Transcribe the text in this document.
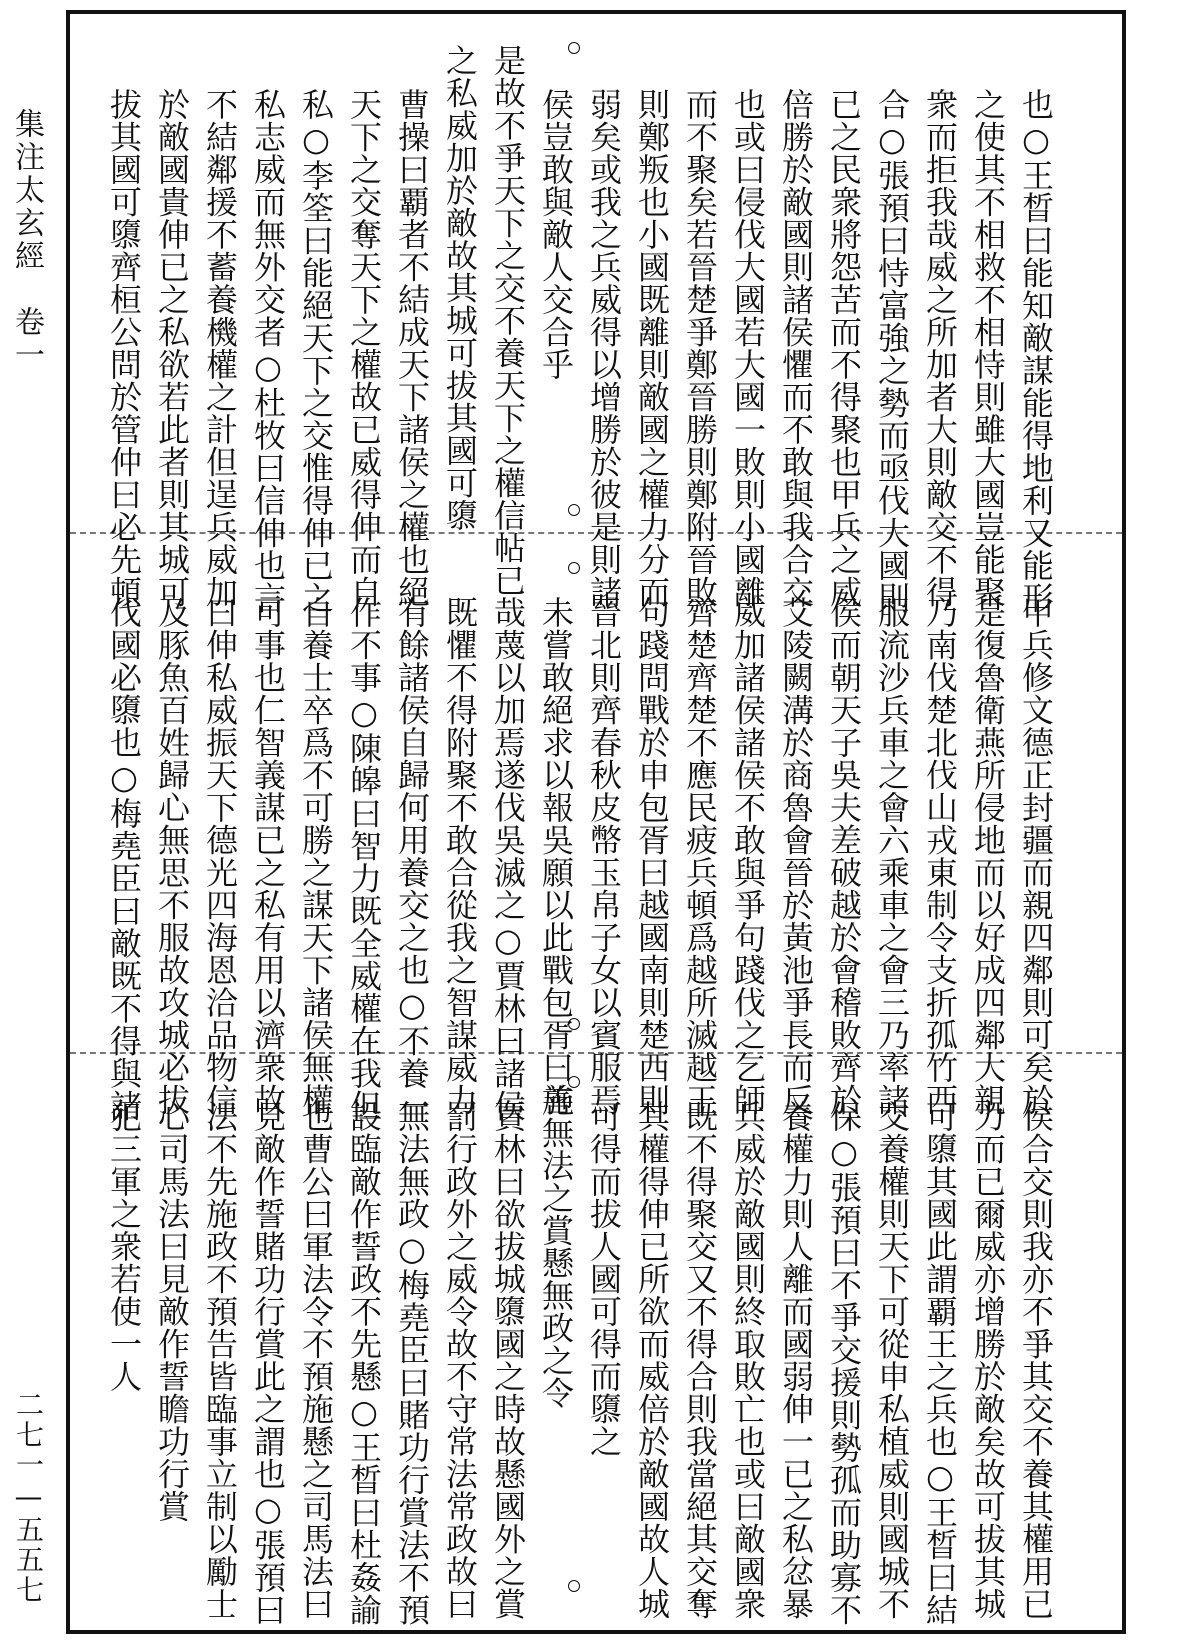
集注太玄經　卷一
二七一—五五七
也○王晳曰能知敵謀能得地利又能形
之使其不相救不相恃則雖大國豈能聚
衆而拒我哉威之所加者大則敵交不得
合○張預曰恃富強之勢而亟伐大國則
已之民衆將怨苦而不得聚也甲兵之威
倍勝於敵國則諸侯懼而不敢與我合交
也或曰侵伐大國若大國一敗則小國離
而不聚矣若晉楚爭鄭晉勝則鄭附晉敗
則鄭叛也小國既離則敵國之權力分而
弱矣或我之兵威得以增勝於彼是則諸
侯豈敢與敵人交合乎
是故不爭天下之交不養天下之權信帖已
之私威加於敵故其城可拔其國可隳
曹操曰覇者不結成天下諸侯之權也絕
天下之交奪天下之權故已威得伸而自
私○李筌曰能絕天下之交惟得伸已之
私志威而無外交者○杜牧曰信伸也言
不結鄰援不蓄養機權之計但逞兵威加
於敵國貴伸已之私欲若此者則其城可
拔其國可隳齊桓公問於管仲曰必先頓
甲兵修文德正封疆而親四鄰則可矣於
是復魯衛燕所侵地而以好成四鄰大親
乃南伐楚北伐山戎東制令支折孤竹西
服流沙兵車之會六乘車之會三乃率諸
侯而朝天子吳夫差破越於會稽敗齊於
艾陵闕溝於商魯會晉於黃池爭長而反
威加諸侯諸侯不敢與爭句踐伐之乞師
齊楚齊楚不應民疲兵頓爲越所滅越王
句踐問戰於申包胥曰越國南則楚西則
晉北則齊春秋皮幣玉帛子女以賓服焉
未嘗敢絕求以報吳願以此戰包胥曰善
哉蔑以加焉遂伐吳滅之○賈林曰諸侯
既懼不得附聚不敢合從我之智謀威力
有餘諸侯自歸何用養交之也○不養一
作不事○陳皞曰智力既全威權在我但
自養士卒爲不可勝之謀天下諸侯無權
可事也仁智義謀已之私有用以濟衆故
曰伸私威振天下德光四海恩洽品物信
及豚魚百姓歸心無思不服故攻城必拔
伐國必隳也○梅堯臣曰敵既不得與諸
侯合交則我亦不爭其交不養其權用已
力而已爾威亦增勝於敵矣故可拔其城
可隳其國此謂覇王之兵也○王晳曰結
交養權則天下可從申私植威則國城不
保○張預曰不爭交援則勢孤而助寡不
養權力則人離而國弱伸一已之私忿暴
兵威於敵國則終取敗亡也或曰敵國衆
既不得聚交又不得合則我當絕其交奪
其權得伸已所欲而威倍於敵國故人城
可得而拔人國可得而隳之
施無法之賞懸無政之令
賈林曰欲拔城隳國之時故懸國外之賞
罰行政外之威令故不守常法常政故曰
無法無政○梅堯臣曰賭功行賞法不預
設臨敵作誓政不先懸○王晳曰杜姦諭
也曹公曰軍法令不預施懸之司馬法曰
見敵作誓賭功行賞此之謂也○張預曰
法不先施政不預告皆臨事立制以勵士
心司馬法曰見敵作誓瞻功行賞
犯三軍之衆若使一人
